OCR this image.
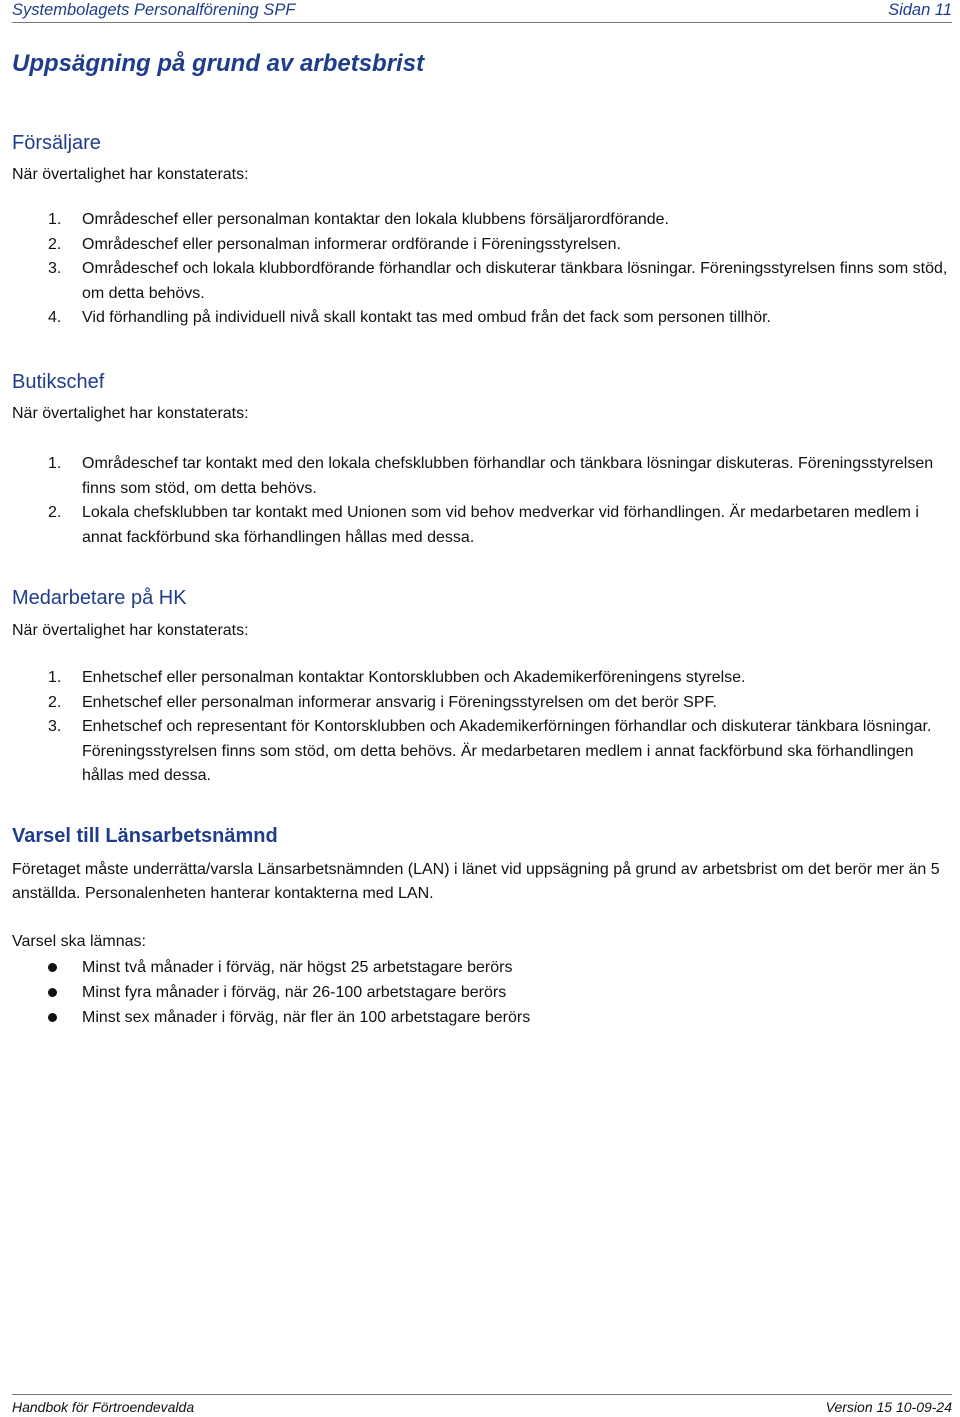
Systembolagets Personalförening SPF	Sidan 11
Uppsägning på grund av arbetsbrist
Försäljare

När övertalighet har konstaterats:

1. Områdeschef eller personalman kontaktar den lokala klubbens försäljarordförande.
2. Områdeschef eller personalman informerar ordförande i Föreningsstyrelsen.
3. Områdeschef och lokala klubbordförande förhandlar och diskuterar tänkbara lösningar. Föreningsstyrelsen finns som stöd, om detta behövs.
4. Vid förhandling på individuell nivå skall kontakt tas med ombud från det fack som personen tillhör.
Butikschef

När övertalighet har konstaterats:

1. Områdeschef tar kontakt med den lokala chefsklubben förhandlar och tänkbara lösningar diskuteras. Föreningsstyrelsen finns som stöd, om detta behövs.
2. Lokala chefsklubben tar kontakt med Unionen som vid behov medverkar vid förhandlingen. Är medarbetaren medlem i annat fackförbund ska förhandlingen hållas med dessa.
Medarbetare på HK

När övertalighet har konstaterats:

1. Enhetschef eller personalman kontaktar Kontorsklubben och Akademikerföreningens styrelse.
2. Enhetschef eller personalman informerar ansvarig i Föreningsstyrelsen om det berör SPF.
3. Enhetschef och representant för Kontorsklubben och Akademikerförningen förhandlar och diskuterar tänkbara lösningar. Föreningsstyrelsen finns som stöd, om detta behövs. Är medarbetaren medlem i annat fackförbund ska förhandlingen hållas med dessa.
Varsel till Länsarbetsnämnd

Företaget måste underrätta/varsla Länsarbetsnämnden (LAN) i länet vid uppsägning på grund av arbetsbrist om det berör mer än 5 anställda. Personalenheten hanterar kontakterna med LAN.

Varsel ska lämnas:

Minst två månader i förväg, när högst 25 arbetstagare berörs
Minst fyra månader i förväg, när 26-100 arbetstagare berörs
Minst sex månader i förväg, när fler än 100 arbetstagare berörs
Handbok för Förtroendevalda	Version 15 10-09-24
